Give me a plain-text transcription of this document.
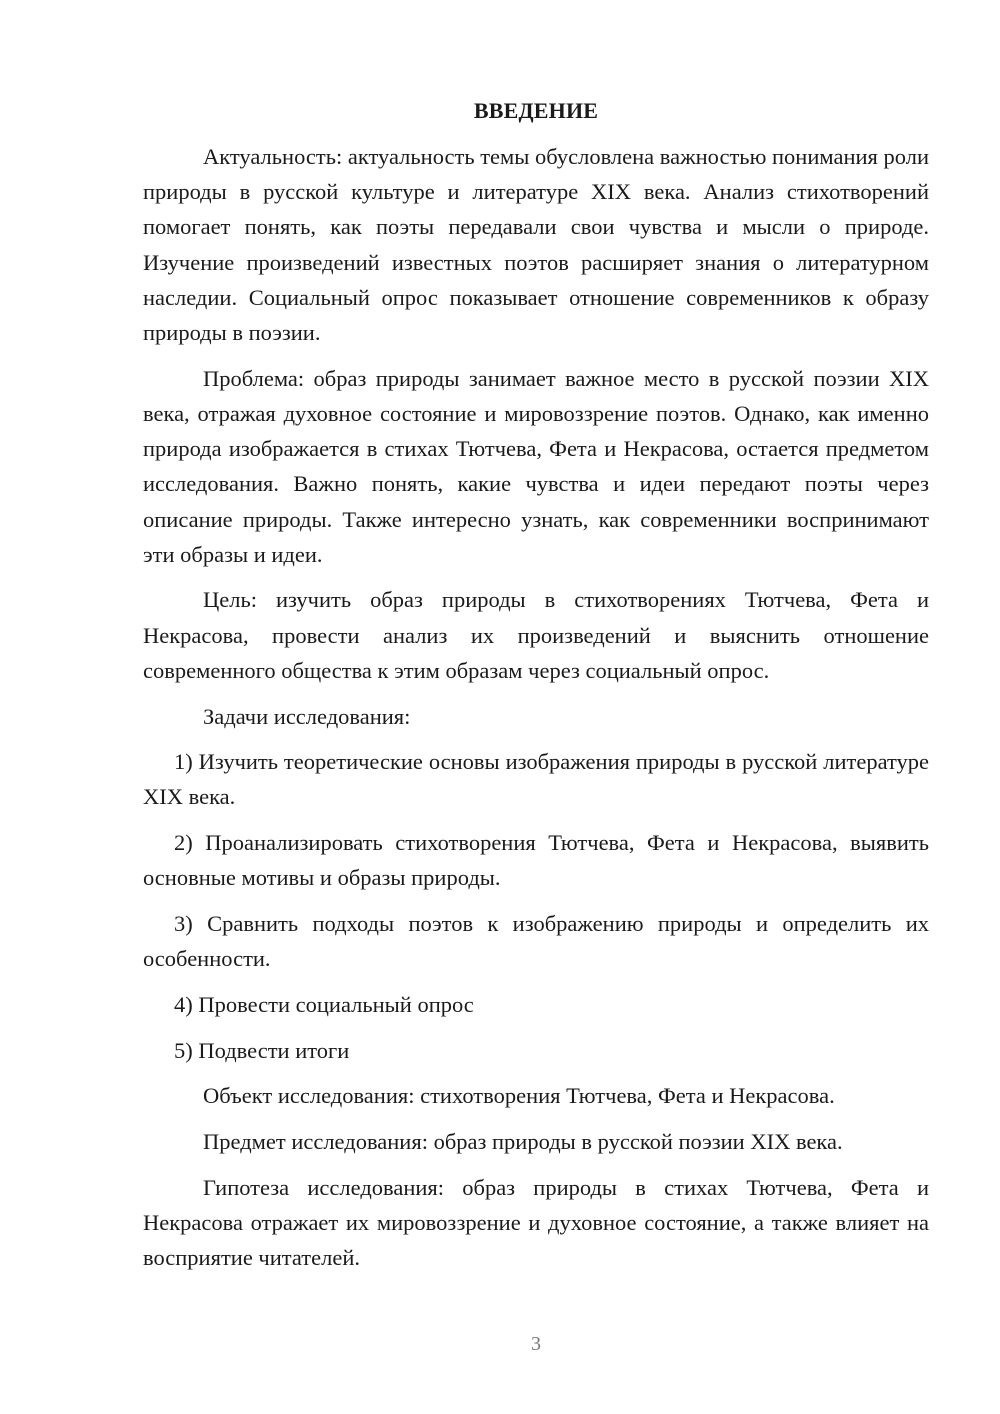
ВВЕДЕНИЕ

Актуальность: актуальность темы обусловлена важностью понимания роли природы в русской культуре и литературе XIX века. Анализ стихотворений помогает понять, как поэты передавали свои чувства и мысли о природе. Изучение произведений известных поэтов расширяет знания о литературном наследии. Социальный опрос показывает отношение современников к образу природы в поэзии.

Проблема: образ природы занимает важное место в русской поэзии XIX века, отражая духовное состояние и мировоззрение поэтов. Однако, как именно природа изображается в стихах Тютчева, Фета и Некрасова, остается предметом исследования. Важно понять, какие чувства и идеи передают поэты через описание природы. Также интересно узнать, как современники воспринимают эти образы и идеи.

Цель: изучить образ природы в стихотворениях Тютчева, Фета и Некрасова, провести анализ их произведений и выяснить отношение современного общества к этим образам через социальный опрос.

Задачи исследования:

1) Изучить теоретические основы изображения природы в русской литературе XIX века.

2) Проанализировать стихотворения Тютчева, Фета и Некрасова, выявить основные мотивы и образы природы.

3) Сравнить подходы поэтов к изображению природы и определить их особенности.

4) Провести социальный опрос

5) Подвести итоги

Объект исследования: стихотворения Тютчева, Фета и Некрасова.

Предмет исследования: образ природы в русской поэзии XIX века.

Гипотеза исследования: образ природы в стихах Тютчева, Фета и Некрасова отражает их мировоззрение и духовное состояние, а также влияет на восприятие читателей.

3
